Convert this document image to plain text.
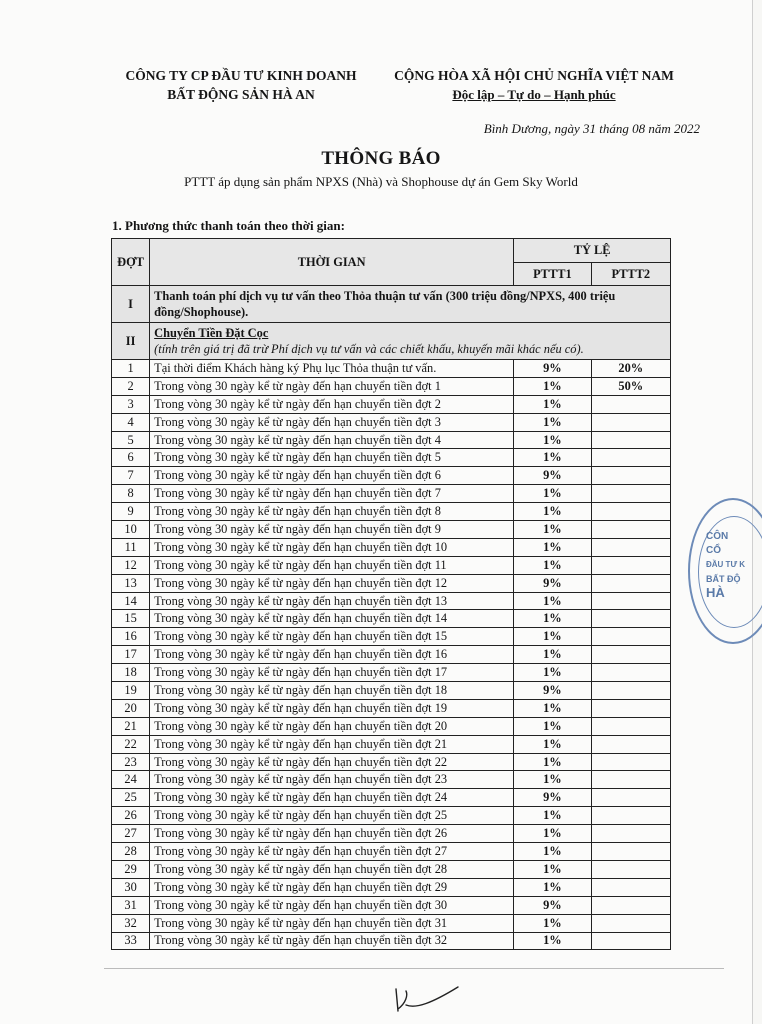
CÔNG TY CP ĐẦU TƯ KINH DOANH
BẤT ĐỘNG SẢN HÀ AN
CỘNG HÒA XÃ HỘI CHỦ NGHĨA VIỆT NAM
Độc lập – Tự do – Hạnh phúc
Bình Dương, ngày 31 tháng 08 năm 2022
THÔNG BÁO
PTTT áp dụng sản phẩm NPXS (Nhà) và Shophouse dự án Gem Sky World
1. Phương thức thanh toán theo thời gian:
ĐỢT	THỜI GIAN	TỶ LỆ	
		PTTT1	PTTT2
I	Thanh toán phí dịch vụ tư vấn theo Thỏa thuận tư vấn (300 triệu đồng/NPXS, 400 triệu đồng/Shophouse).		
II	Chuyển Tiền Đặt Cọc
(tính trên giá trị đã trừ Phí dịch vụ tư vấn và các chiết khấu, khuyến mãi khác nếu có).		

1	Tại thời điểm Khách hàng ký Phụ lục Thỏa thuận tư vấn.	9%	20%
2	Trong vòng 30 ngày kể từ ngày đến hạn chuyển tiền đợt 1	1%	50%
3	Trong vòng 30 ngày kể từ ngày đến hạn chuyển tiền đợt 2	1%	
4	Trong vòng 30 ngày kể từ ngày đến hạn chuyển tiền đợt 3	1%	
5	Trong vòng 30 ngày kể từ ngày đến hạn chuyển tiền đợt 4	1%	
6	Trong vòng 30 ngày kể từ ngày đến hạn chuyển tiền đợt 5	1%	
7	Trong vòng 30 ngày kể từ ngày đến hạn chuyển tiền đợt 6	9%	
8	Trong vòng 30 ngày kể từ ngày đến hạn chuyển tiền đợt 7	1%	
9	Trong vòng 30 ngày kể từ ngày đến hạn chuyển tiền đợt 8	1%	
10	Trong vòng 30 ngày kể từ ngày đến hạn chuyển tiền đợt 9	1%	
11	Trong vòng 30 ngày kể từ ngày đến hạn chuyển tiền đợt 10	1%	
12	Trong vòng 30 ngày kể từ ngày đến hạn chuyển tiền đợt 11	1%	
13	Trong vòng 30 ngày kể từ ngày đến hạn chuyển tiền đợt 12	9%	
14	Trong vòng 30 ngày kể từ ngày đến hạn chuyển tiền đợt 13	1%	
15	Trong vòng 30 ngày kể từ ngày đến hạn chuyển tiền đợt 14	1%	
16	Trong vòng 30 ngày kể từ ngày đến hạn chuyển tiền đợt 15	1%	
17	Trong vòng 30 ngày kể từ ngày đến hạn chuyển tiền đợt 16	1%	
18	Trong vòng 30 ngày kể từ ngày đến hạn chuyển tiền đợt 17	1%	
19	Trong vòng 30 ngày kể từ ngày đến hạn chuyển tiền đợt 18	9%	
20	Trong vòng 30 ngày kể từ ngày đến hạn chuyển tiền đợt 19	1%	
21	Trong vòng 30 ngày kể từ ngày đến hạn chuyển tiền đợt 20	1%	
22	Trong vòng 30 ngày kể từ ngày đến hạn chuyển tiền đợt 21	1%	
23	Trong vòng 30 ngày kể từ ngày đến hạn chuyển tiền đợt 22	1%	
24	Trong vòng 30 ngày kể từ ngày đến hạn chuyển tiền đợt 23	1%	
25	Trong vòng 30 ngày kể từ ngày đến hạn chuyển tiền đợt 24	9%	
26	Trong vòng 30 ngày kể từ ngày đến hạn chuyển tiền đợt 25	1%	
27	Trong vòng 30 ngày kể từ ngày đến hạn chuyển tiền đợt 26	1%	
28	Trong vòng 30 ngày kể từ ngày đến hạn chuyển tiền đợt 27	1%	
29	Trong vòng 30 ngày kể từ ngày đến hạn chuyển tiền đợt 28	1%	
30	Trong vòng 30 ngày kể từ ngày đến hạn chuyển tiền đợt 29	1%	
31	Trong vòng 30 ngày kể từ ngày đến hạn chuyển tiền đợt 30	9%	
32	Trong vòng 30 ngày kể từ ngày đến hạn chuyển tiền đợt 31	1%	
33	Trong vòng 30 ngày kể từ ngày đến hạn chuyển tiền đợt 32	1%	
CÔN
CỔ
ĐẦU TƯ K
BẤT ĐỘ
HÀ
